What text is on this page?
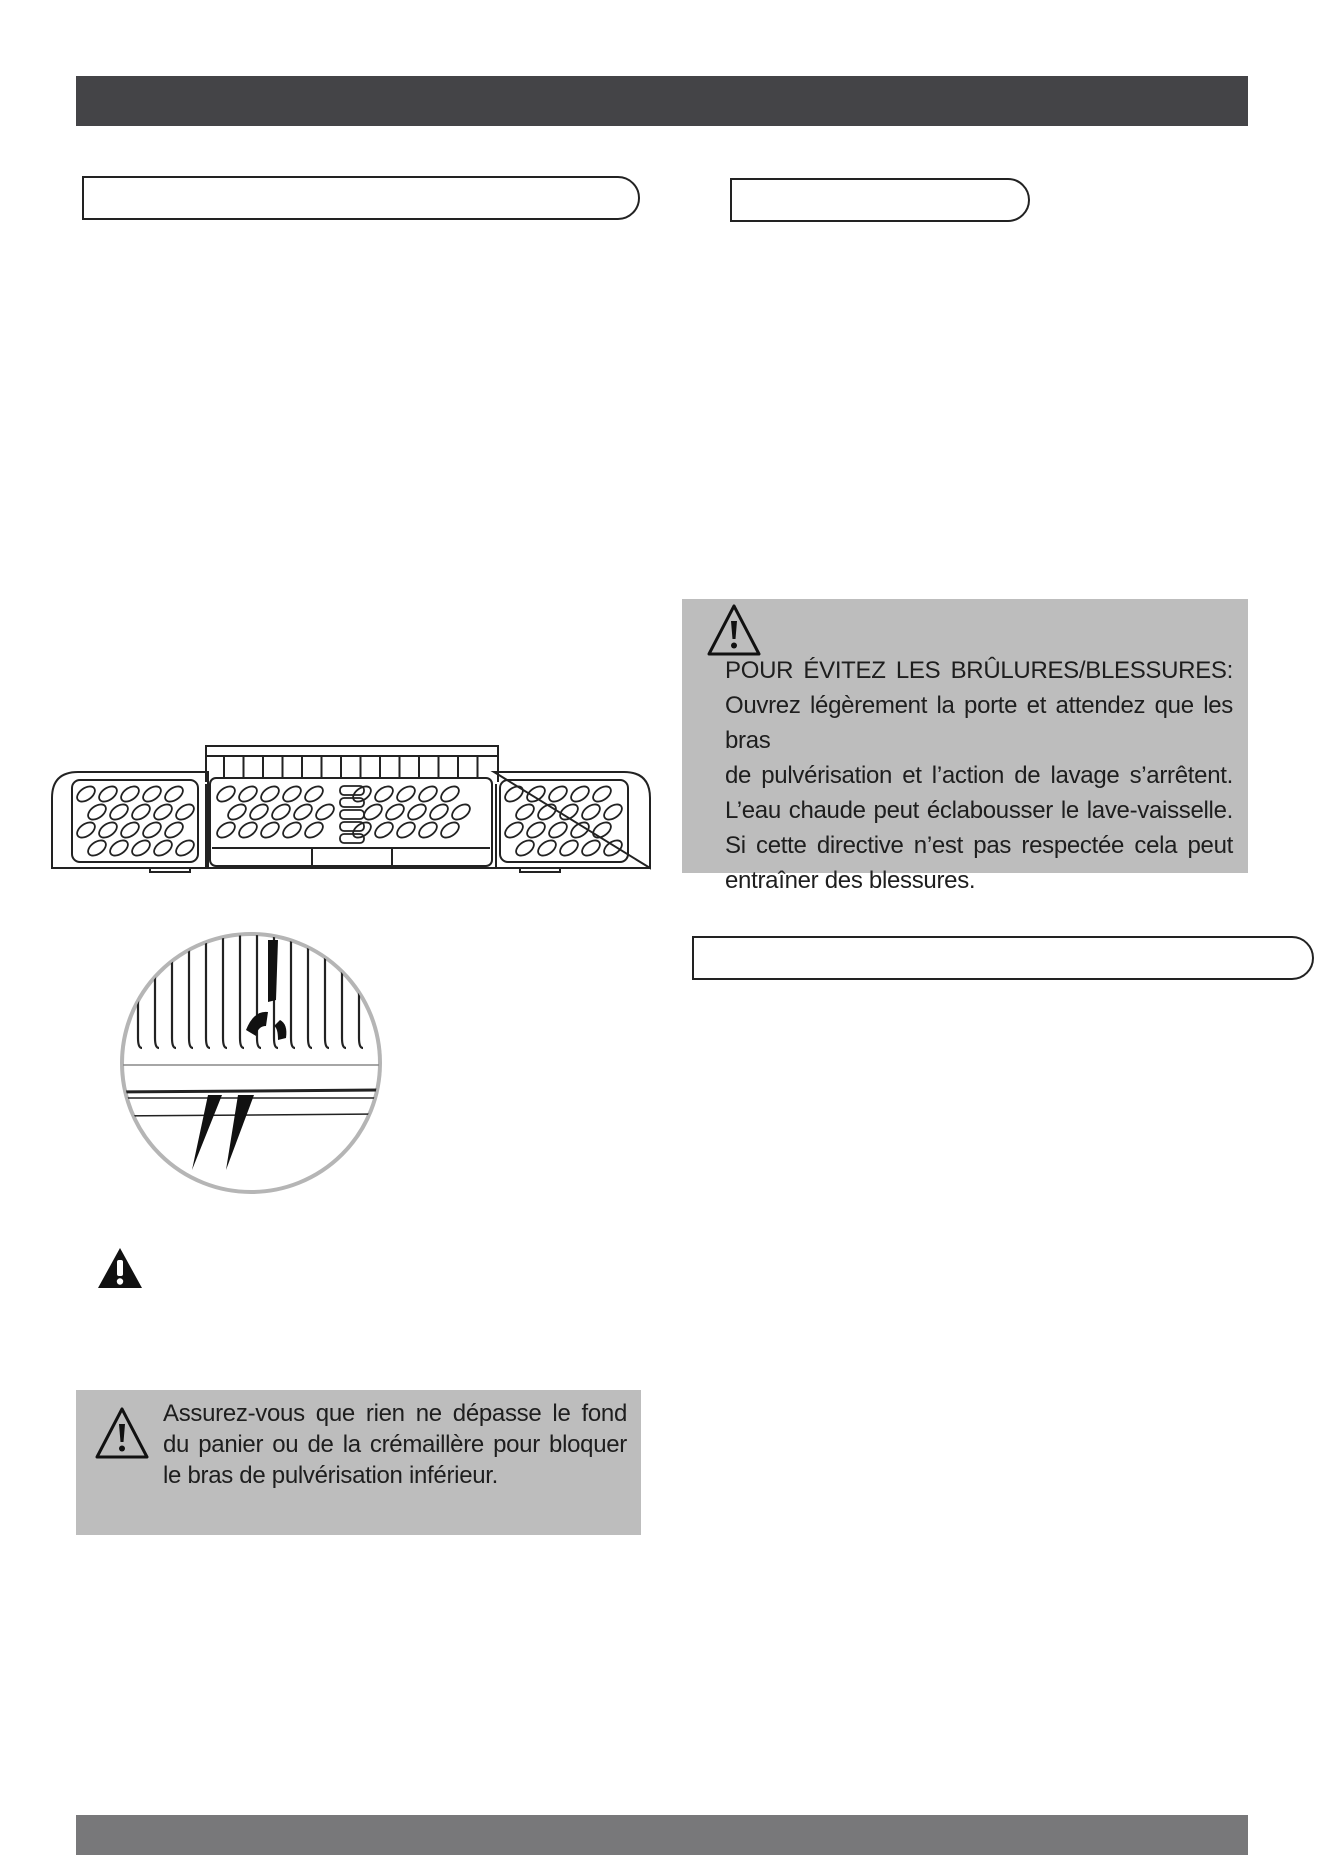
POUR ÉVITEZ LES BRÛLURES/BLESSURES:
Ouvrez légèrement la porte et attendez que les bras
de pulvérisation et l’action de lavage s’arrêtent.
L’eau chaude peut éclabousser le lave-vaisselle.
Si cette directive n’est pas respectée cela peut
entraîner des blessures.
Assurez-vous que rien ne dépasse le fond
du panier ou de la crémaillère pour bloquer
le bras de pulvérisation inférieur.
